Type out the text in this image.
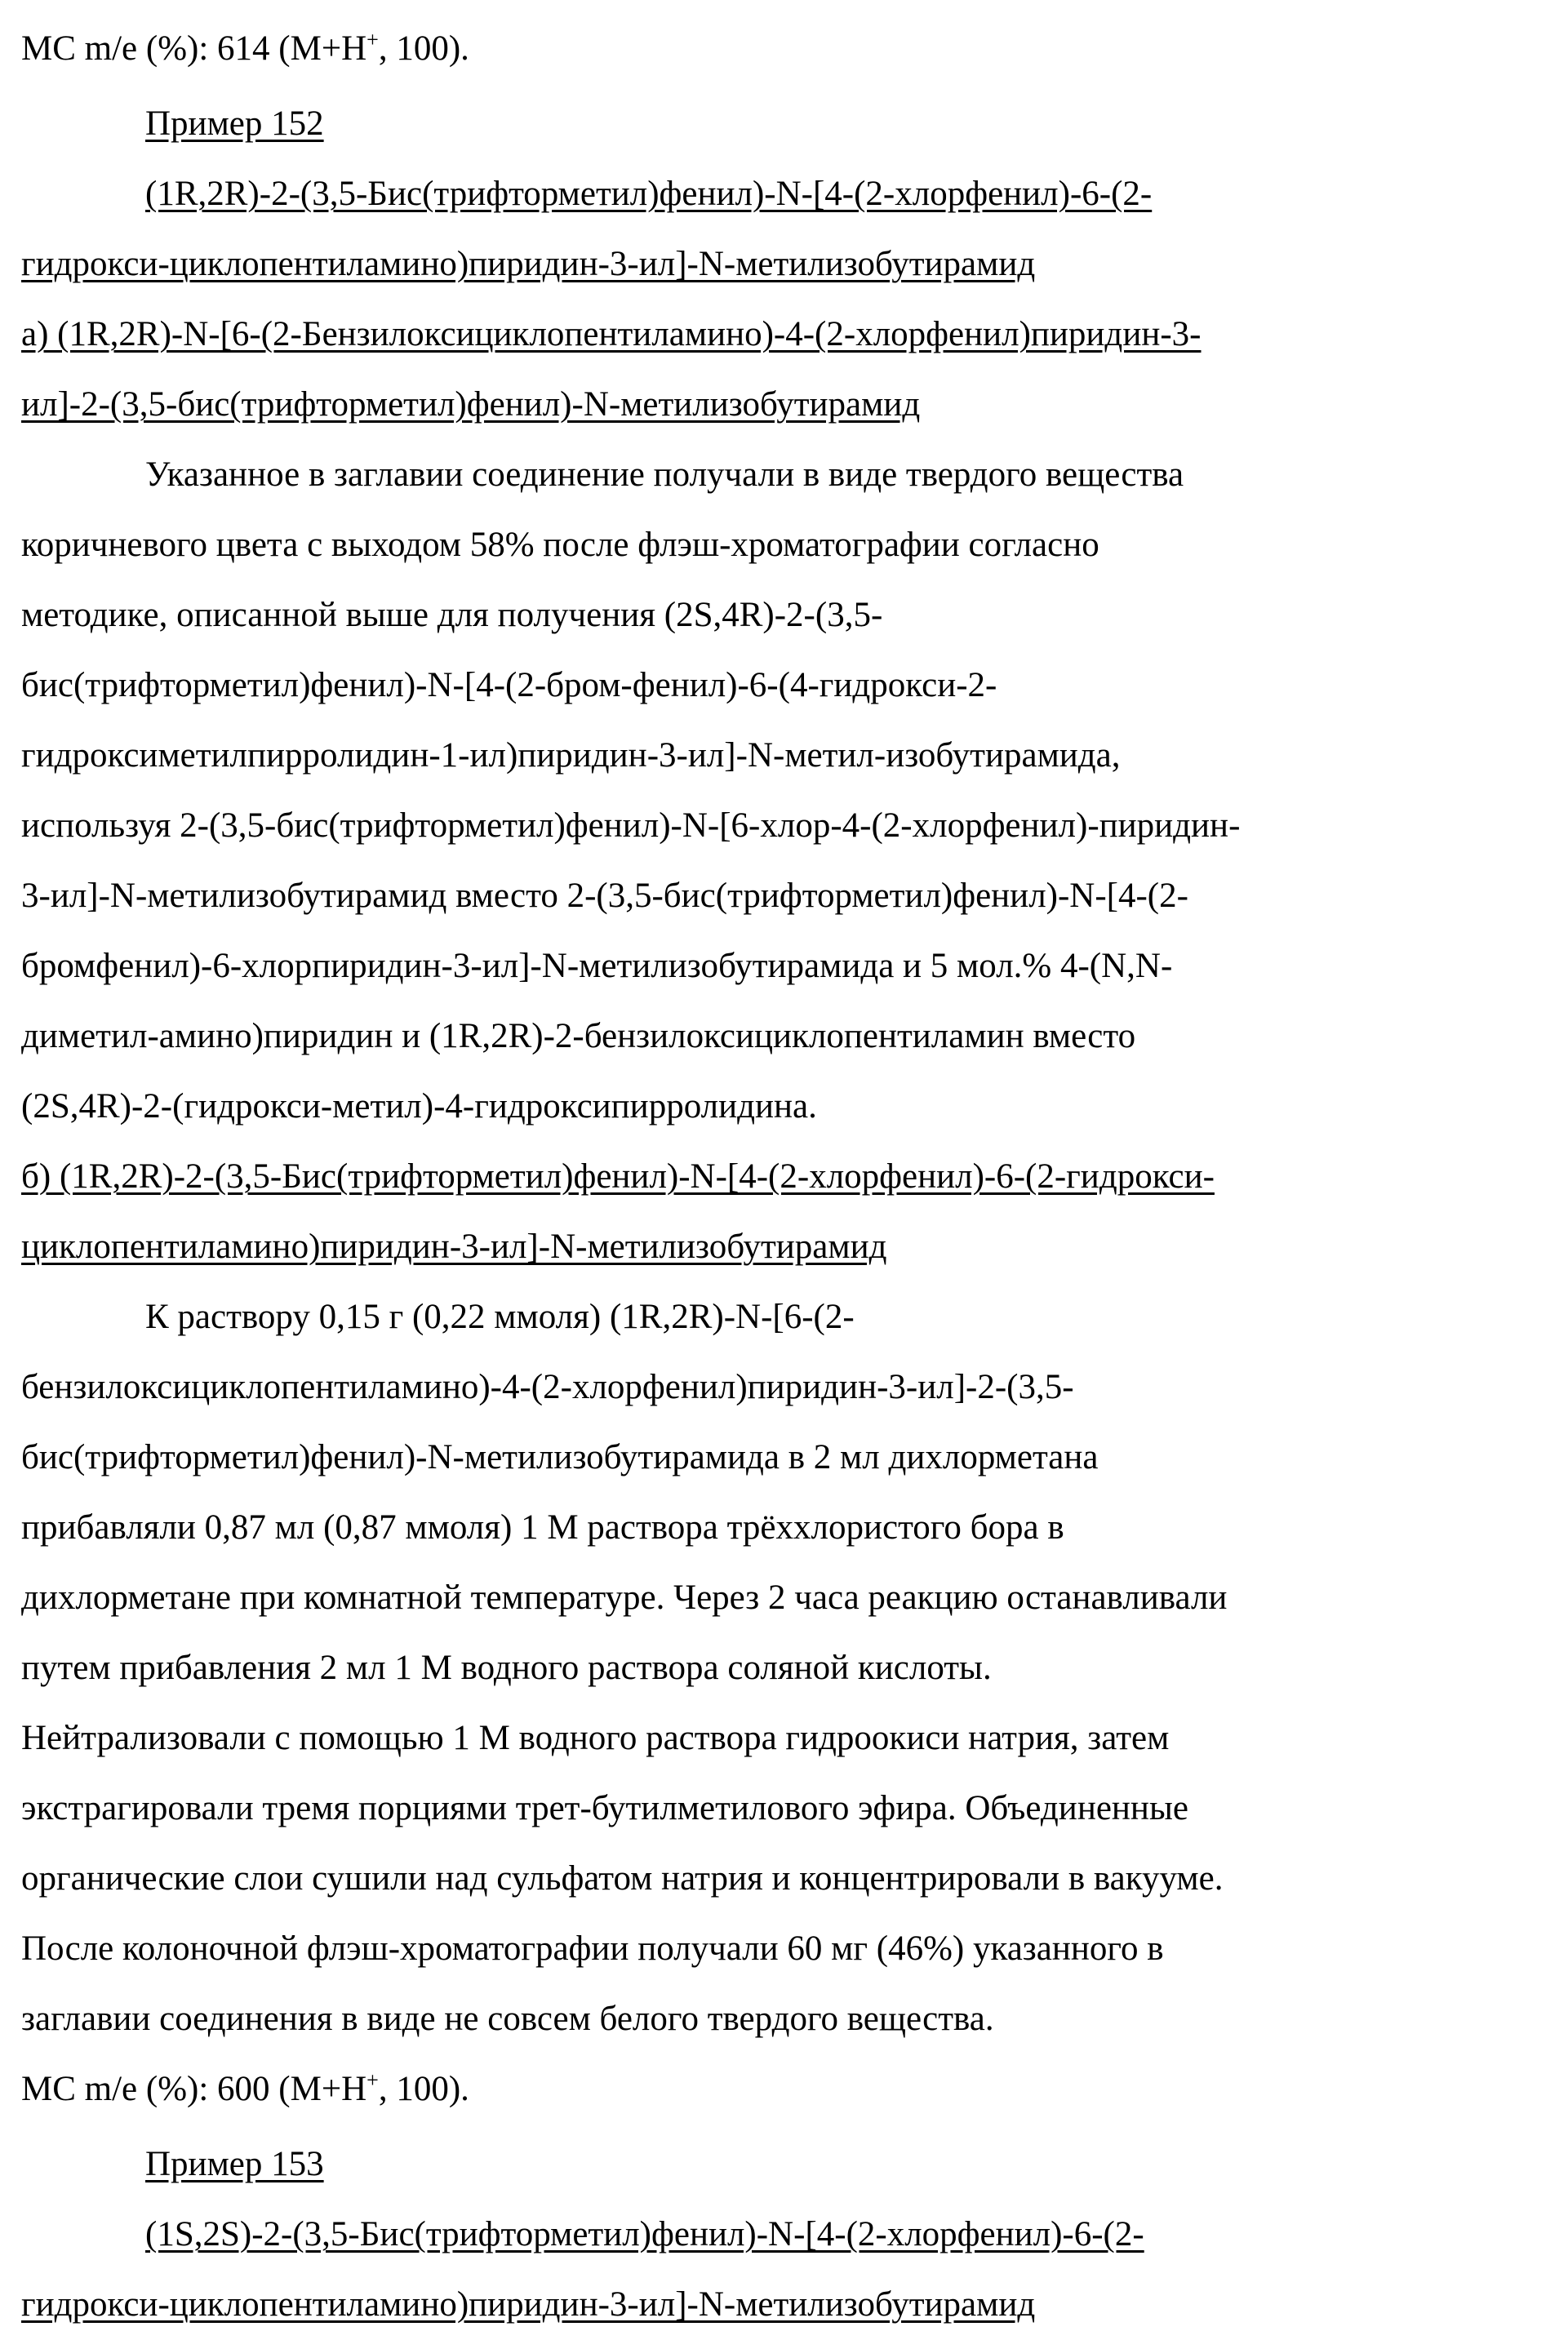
МС m/e (%): 614 (M+H+, 100).
Пример 152
(1R,2R)-2-(3,5-Бис(трифторметил)фенил)-N-[4-(2-хлорфенил)-6-(2-
гидрокси-циклопентиламино)пиридин-3-ил]-N-метилизобутирамид
а) (1R,2R)-N-[6-(2-Бензилоксициклопентиламино)-4-(2-хлорфенил)пиридин-3-
ил]-2-(3,5-бис(трифторметил)фенил)-N-метилизобутирамид
Указанное в заглавии соединение получали в виде твердого вещества
коричневого цвета с выходом 58% после флэш-хроматографии согласно
методике, описанной выше для получения (2S,4R)-2-(3,5-
бис(трифторметил)фенил)-N-[4-(2-бром-фенил)-6-(4-гидрокси-2-
гидроксиметилпирролидин-1-ил)пиридин-3-ил]-N-метил-изобутирамида,
используя 2-(3,5-бис(трифторметил)фенил)-N-[6-хлор-4-(2-хлорфенил)-пиридин-
3-ил]-N-метилизобутирамид вместо 2-(3,5-бис(трифторметил)фенил)-N-[4-(2-
бромфенил)-6-хлорпиридин-3-ил]-N-метилизобутирамида и 5 мол.% 4-(N,N-
диметил-амино)пиридин и (1R,2R)-2-бензилоксициклопентиламин вместо
(2S,4R)-2-(гидрокси-метил)-4-гидроксипирролидина.
б) (1R,2R)-2-(3,5-Бис(трифторметил)фенил)-N-[4-(2-хлорфенил)-6-(2-гидрокси-
циклопентиламино)пиридин-3-ил]-N-метилизобутирамид
К раствору 0,15 г (0,22 ммоля) (1R,2R)-N-[6-(2-
бензилоксициклопентиламино)-4-(2-хлорфенил)пиридин-3-ил]-2-(3,5-
бис(трифторметил)фенил)-N-метилизобутирамида в 2 мл дихлорметана
прибавляли 0,87 мл (0,87 ммоля) 1 М раствора трёххлористого бора в
дихлорметане при комнатной температуре. Через 2 часа реакцию останавливали
путем прибавления 2 мл 1 М водного раствора соляной кислоты.
Нейтрализовали с помощью 1 М водного раствора гидроокиси натрия, затем
экстрагировали тремя порциями трет-бутилметилового эфира. Объединенные
органические слои сушили над сульфатом натрия и концентрировали в вакууме.
После колоночной флэш-хроматографии получали 60 мг (46%) указанного в
заглавии соединения в виде не совсем белого твердого вещества.
МС m/e (%): 600 (M+H+, 100).
Пример 153
(1S,2S)-2-(3,5-Бис(трифторметил)фенил)-N-[4-(2-хлорфенил)-6-(2-
гидрокси-циклопентиламино)пиридин-3-ил]-N-метилизобутирамид
